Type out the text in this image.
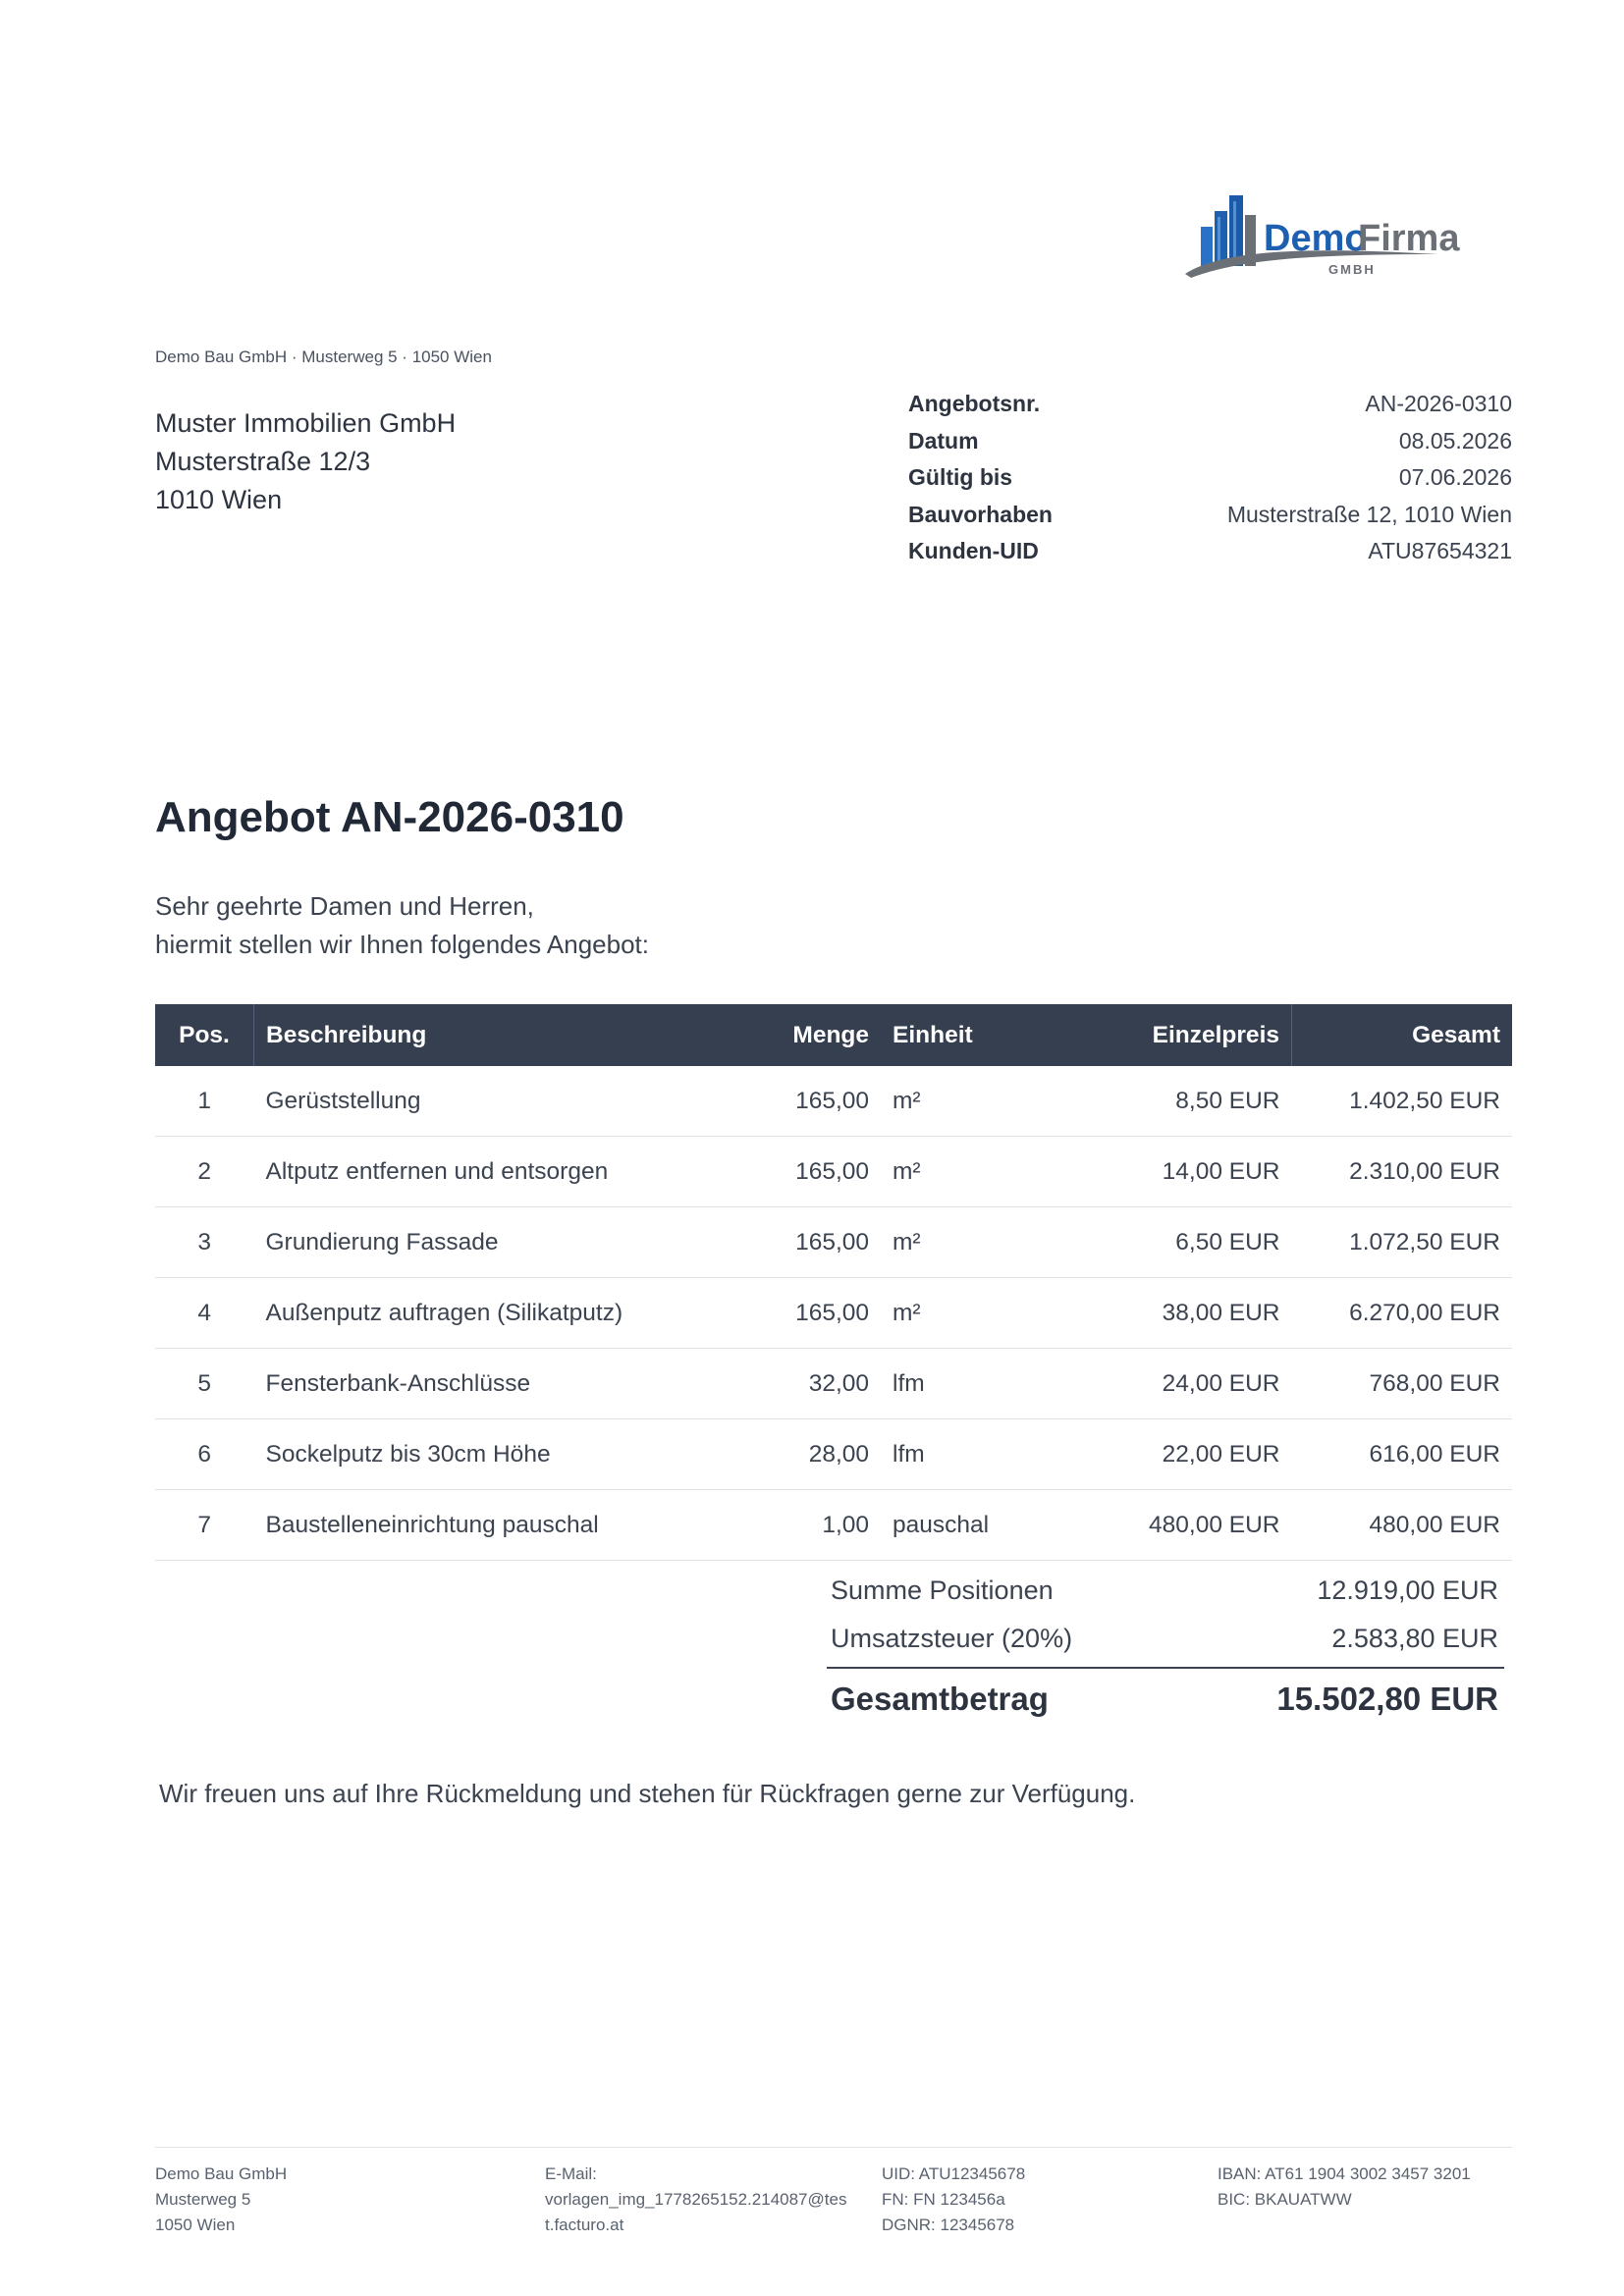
Demo
Firma
GMBH
Demo Bau GmbH · Musterweg 5 · 1050 Wien
Muster Immobilien GmbH
Musterstraße 12/3
1010 Wien
Angebotsnr.	AN-2026-0310
Datum	08.05.2026
Gültig bis	07.06.2026
Bauvorhaben	Musterstraße 12, 1010 Wien
Kunden-UID	ATU87654321
Angebot AN-2026-0310
Sehr geehrte Damen und Herren,
hiermit stellen wir Ihnen folgendes Angebot:
Pos.	Beschreibung	Menge	Einheit	Einzelpreis	Gesamt
1	Gerüststellung	165,00	m²	8,50 EUR	1.402,50 EUR
2	Altputz entfernen und entsorgen	165,00	m²	14,00 EUR	2.310,00 EUR
3	Grundierung Fassade	165,00	m²	6,50 EUR	1.072,50 EUR
4	Außenputz auftragen (Silikatputz)	165,00	m²	38,00 EUR	6.270,00 EUR
5	Fensterbank-Anschlüsse	32,00	lfm	24,00 EUR	768,00 EUR
6	Sockelputz bis 30cm Höhe	28,00	lfm	22,00 EUR	616,00 EUR
7	Baustelleneinrichtung pauschal	1,00	pauschal	480,00 EUR	480,00 EUR
Summe Positionen	12.919,00 EUR
Umsatzsteuer (20%)	2.583,80 EUR
Gesamtbetrag	15.502,80 EUR
Wir freuen uns auf Ihre Rückmeldung und stehen für Rückfragen gerne zur Verfügung.
Demo Bau GmbH
Musterweg 5
1050 Wien
E-Mail:
vorlagen_img_1778265152.214087@tes
t.facturo.at
UID: ATU12345678
FN: FN 123456a
DGNR: 12345678
IBAN: AT61 1904 3002 3457 3201
BIC: BKAUATWW
